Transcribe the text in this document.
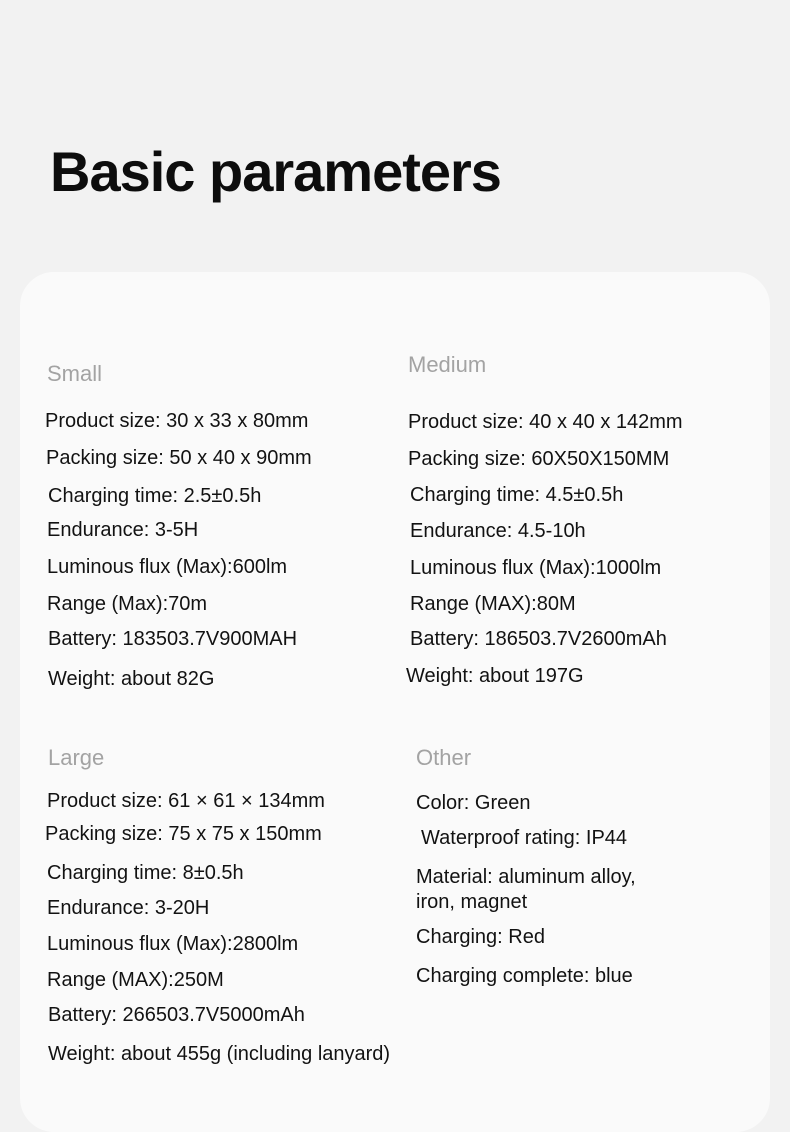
Basic parameters
Small

Product size: 30 x 33 x 80mm

Packing size: 50 x 40 x 90mm

Charging time: 2.5±0.5h

Endurance: 3-5H

Luminous flux (Max):600lm

Range (Max):70m

Battery: 183503.7V900MAH

Weight: about 82G

Medium

Product size: 40 x 40 x 142mm

Packing size: 60X50X150MM

Charging time: 4.5±0.5h

Endurance: 4.5-10h

Luminous flux (Max):1000lm

Range (MAX):80M

Battery: 186503.7V2600mAh

Weight: about 197G

Large

Product size: 61 × 61 × 134mm

Packing size: 75 x 75 x 150mm

Charging time: 8±0.5h

Endurance: 3-20H

Luminous flux (Max):2800lm

Range (MAX):250M

Battery: 266503.7V5000mAh

Weight: about 455g (including lanyard)

Other

Color: Green

Waterproof rating: IP44

Material: aluminum alloy,

iron, magnet

Charging: Red

Charging complete: blue
